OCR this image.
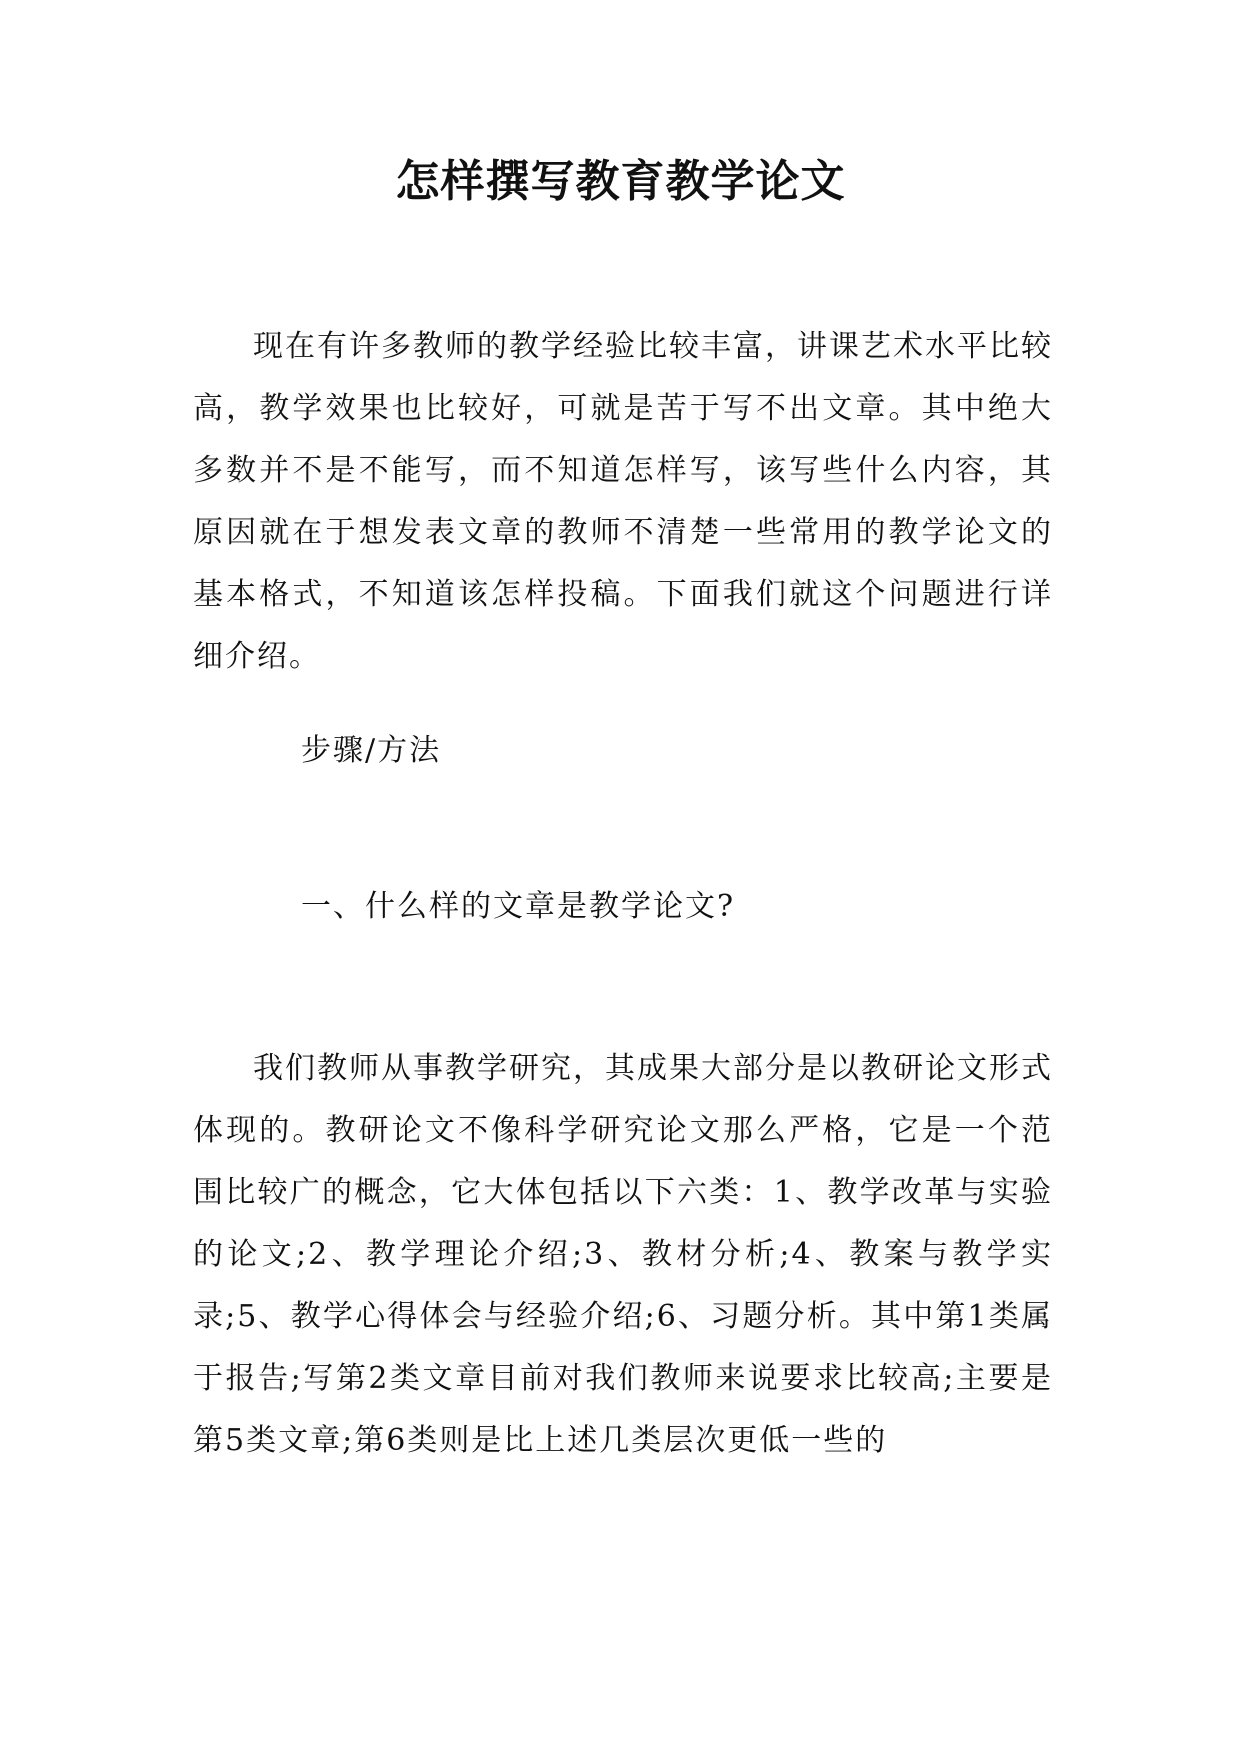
怎样撰写教育教学论文

现在有许多教师的教学经验比较丰富，讲课艺术水平比较高，教学效果也比较好，可就是苦于写不出文章。其中绝大多数并不是不能写，而不知道怎样写，该写些什么内容，其原因就在于想发表文章的教师不清楚一些常用的教学论文的基本格式，不知道该怎样投稿。下面我们就这个问题进行详细介绍。

步骤/方法
一、什么样的文章是教学论文?

我们教师从事教学研究，其成果大部分是以教研论文形式体现的。教研论文不像科学研究论文那么严格，它是一个范围比较广的概念，它大体包括以下六类：1、教学改革与实验的论文;2、教学理论介绍;3、教材分析;4、教案与教学实录;5、教学心得体会与经验介绍;6、习题分析。其中第1类属于报告;写第2类文章目前对我们教师来说要求比较高;主要是第5类文章;第6类则是比上述几类层次更低一些的
